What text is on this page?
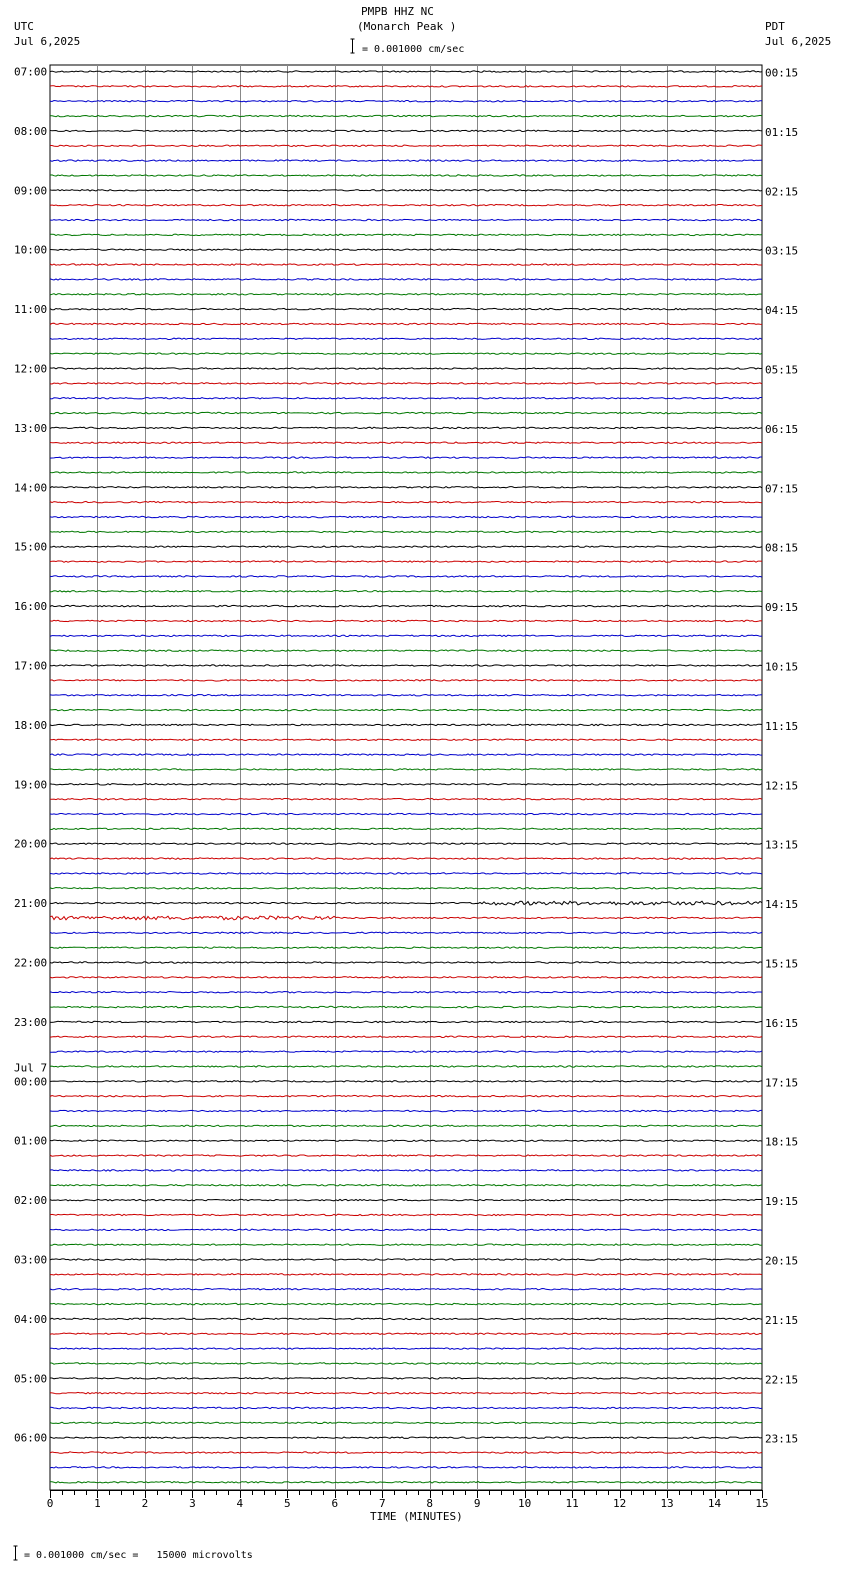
07:00
08:00
09:00
10:00
11:00
12:00
13:00
14:00
15:00
16:00
17:00
18:00
19:00
20:00
21:00
22:00
23:00
00:00
Jul 7
01:00
02:00
03:00
04:00
05:00
06:00
00:15
01:15
02:15
03:15
04:15
05:15
06:15
07:15
08:15
09:15
10:15
11:15
12:15
13:15
14:15
15:15
16:15
17:15
18:15
19:15
20:15
21:15
22:15
23:15
0	1	2	3	4	5	6	7	8	9	10	11	12	13	14	15
PMPB HHZ NC
(Monarch Peak )
UTC
Jul 6,2025
PDT
Jul 6,2025
= 0.001000 cm/sec
TIME (MINUTES)
= 0.001000 cm/sec =   15000 microvolts
